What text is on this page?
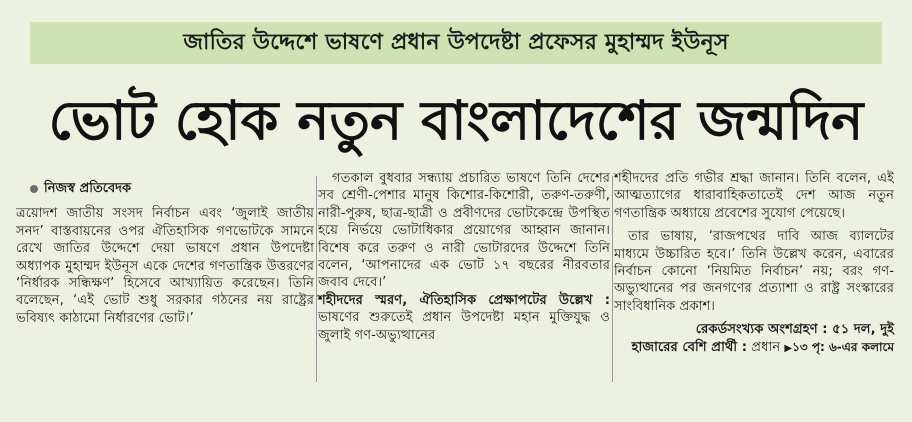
জাতির উদ্দেশে ভাষণে প্রধান উপদেষ্টা প্রফেসর মুহাম্মদ ইউনূস
ভোট হোক নতুন বাংলাদেশের জন্মদিন
নিজস্ব প্রতিবেদক

ত্রয়োদশ জাতীয় সংসদ নির্বাচন এবং ‘জুলাই জাতীয় সনদ’ বাস্তবায়নের ওপর ঐতিহাসিক গণভোটকে সামনে রেখে জাতির উদ্দেশে দেয়া ভাষণে প্রধান উপদেষ্টা অধ্যাপক মুহাম্মদ ইউনূস একে দেশের গণতান্ত্রিক উত্তরণের ‘নির্ধারক সন্ধিক্ষণ’ হিসেবে আখ্যায়িত করেছেন। তিনি বলেছেন, ‘এই ভোট শুধু সরকার গঠনের নয় রাষ্ট্রের ভবিষ্যৎ কাঠামো নির্ধারণের ভোট।’

গতকাল বুধবার সন্ধ্যায় প্রচারিত ভাষণে তিনি দেশের সব শ্রেণী-পেশার মানুষ কিশোর-কিশোরী, তরুণ-তরুণী, নারী-পুরুষ, ছাত্র-ছাত্রী ও প্রবীণদের ভোটকেন্দ্রে উপস্থিত হয়ে নির্ভয়ে ভোটাধিকার প্রয়োগের আহ্বান জানান। বিশেষ করে তরুণ ও নারী ভোটারদের উদ্দেশে তিনি বলেন, ‘আপনাদের এক ভোট ১৭ বছরের নীরবতার জবাব দেবে।’

শহীদদের স্মরণ, ঐতিহাসিক প্রেক্ষাপটের উল্লেখ : ভাষণের শুরুতেই প্রধান উপদেষ্টা মহান মুক্তিযুদ্ধ ও জুলাই গণ-অভ্যুত্থানের

শহীদদের প্রতি গভীর শ্রদ্ধা জানান। তিনি বলেন, এই আত্মত্যাগের ধারাবাহিকতাতেই দেশ আজ নতুন গণতান্ত্রিক অধ্যায়ে প্রবেশের সুযোগ পেয়েছে।

তার ভাষায়, ‘রাজপথের দাবি আজ ব্যালটের মাধ্যমে উচ্চারিত হবে।’ তিনি উল্লেখ করেন, এবারের নির্বাচন কোনো ‘নিয়মিত নির্বাচন’ নয়; বরং গণ-অভ্যুত্থানের পর জনগণের প্রত্যাশা ও রাষ্ট্র সংস্কারের সাংবিধানিক প্রকাশ।

রেকর্ডসংখ্যক অংশগ্রহণ : ৫১ দল, দুই

হাজারের বেশি প্রার্থী : প্রধান ▶১৩ পৃ: ৬-এর কলামে
